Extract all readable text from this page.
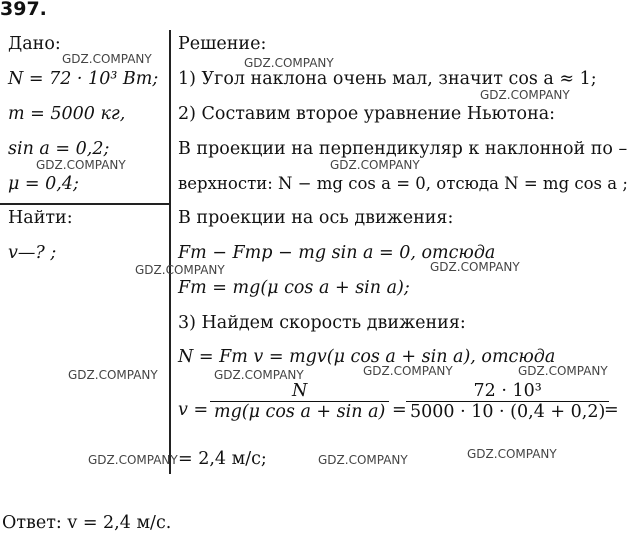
397.
Дано:
N = 72 · 10³ Вт;
m = 5000 кг,
sin a = 0,2;
μ = 0,4;
Найти:
v—? ;
Решение:
1) Угол наклона очень мал, значит cos a ≈ 1;
2) Составим второе уравнение Ньютона:
В проекции на перпендикуляр к наклонной по –
верхности: N − mg cos a = 0, отсюда N = mg cos a ;
В проекции на ось движения:
Fт − Fтр − mg sin a = 0, отсюда
Fт = mg(μ cos a + sin a);
3) Найдем скорость движения:
N = Fт v = mgv(μ cos a + sin a), отсюда
$v = \frac{N}{\text{mg(μ cos a + sin a)}} = \frac{\text{72 · 10³}}{5000 \cdot 10 \cdot (0,4 + 0,2)}$
=
= 2,4 м/с;
Ответ: v = 2,4 м/с.
GDZ.COMPANY	GDZ.COMPANY
GDZ.COMPANY
GDZ.COMPANY	GDZ.COMPANY
GDZ.COMPANY	GDZ.COMPANY
GDZ.COMPANY	GDZ.COMPANY	GDZ.COMPANY	GDZ.COMPANY
GDZ.COMPANY	GDZ.COMPANY	GDZ.COMPANY
